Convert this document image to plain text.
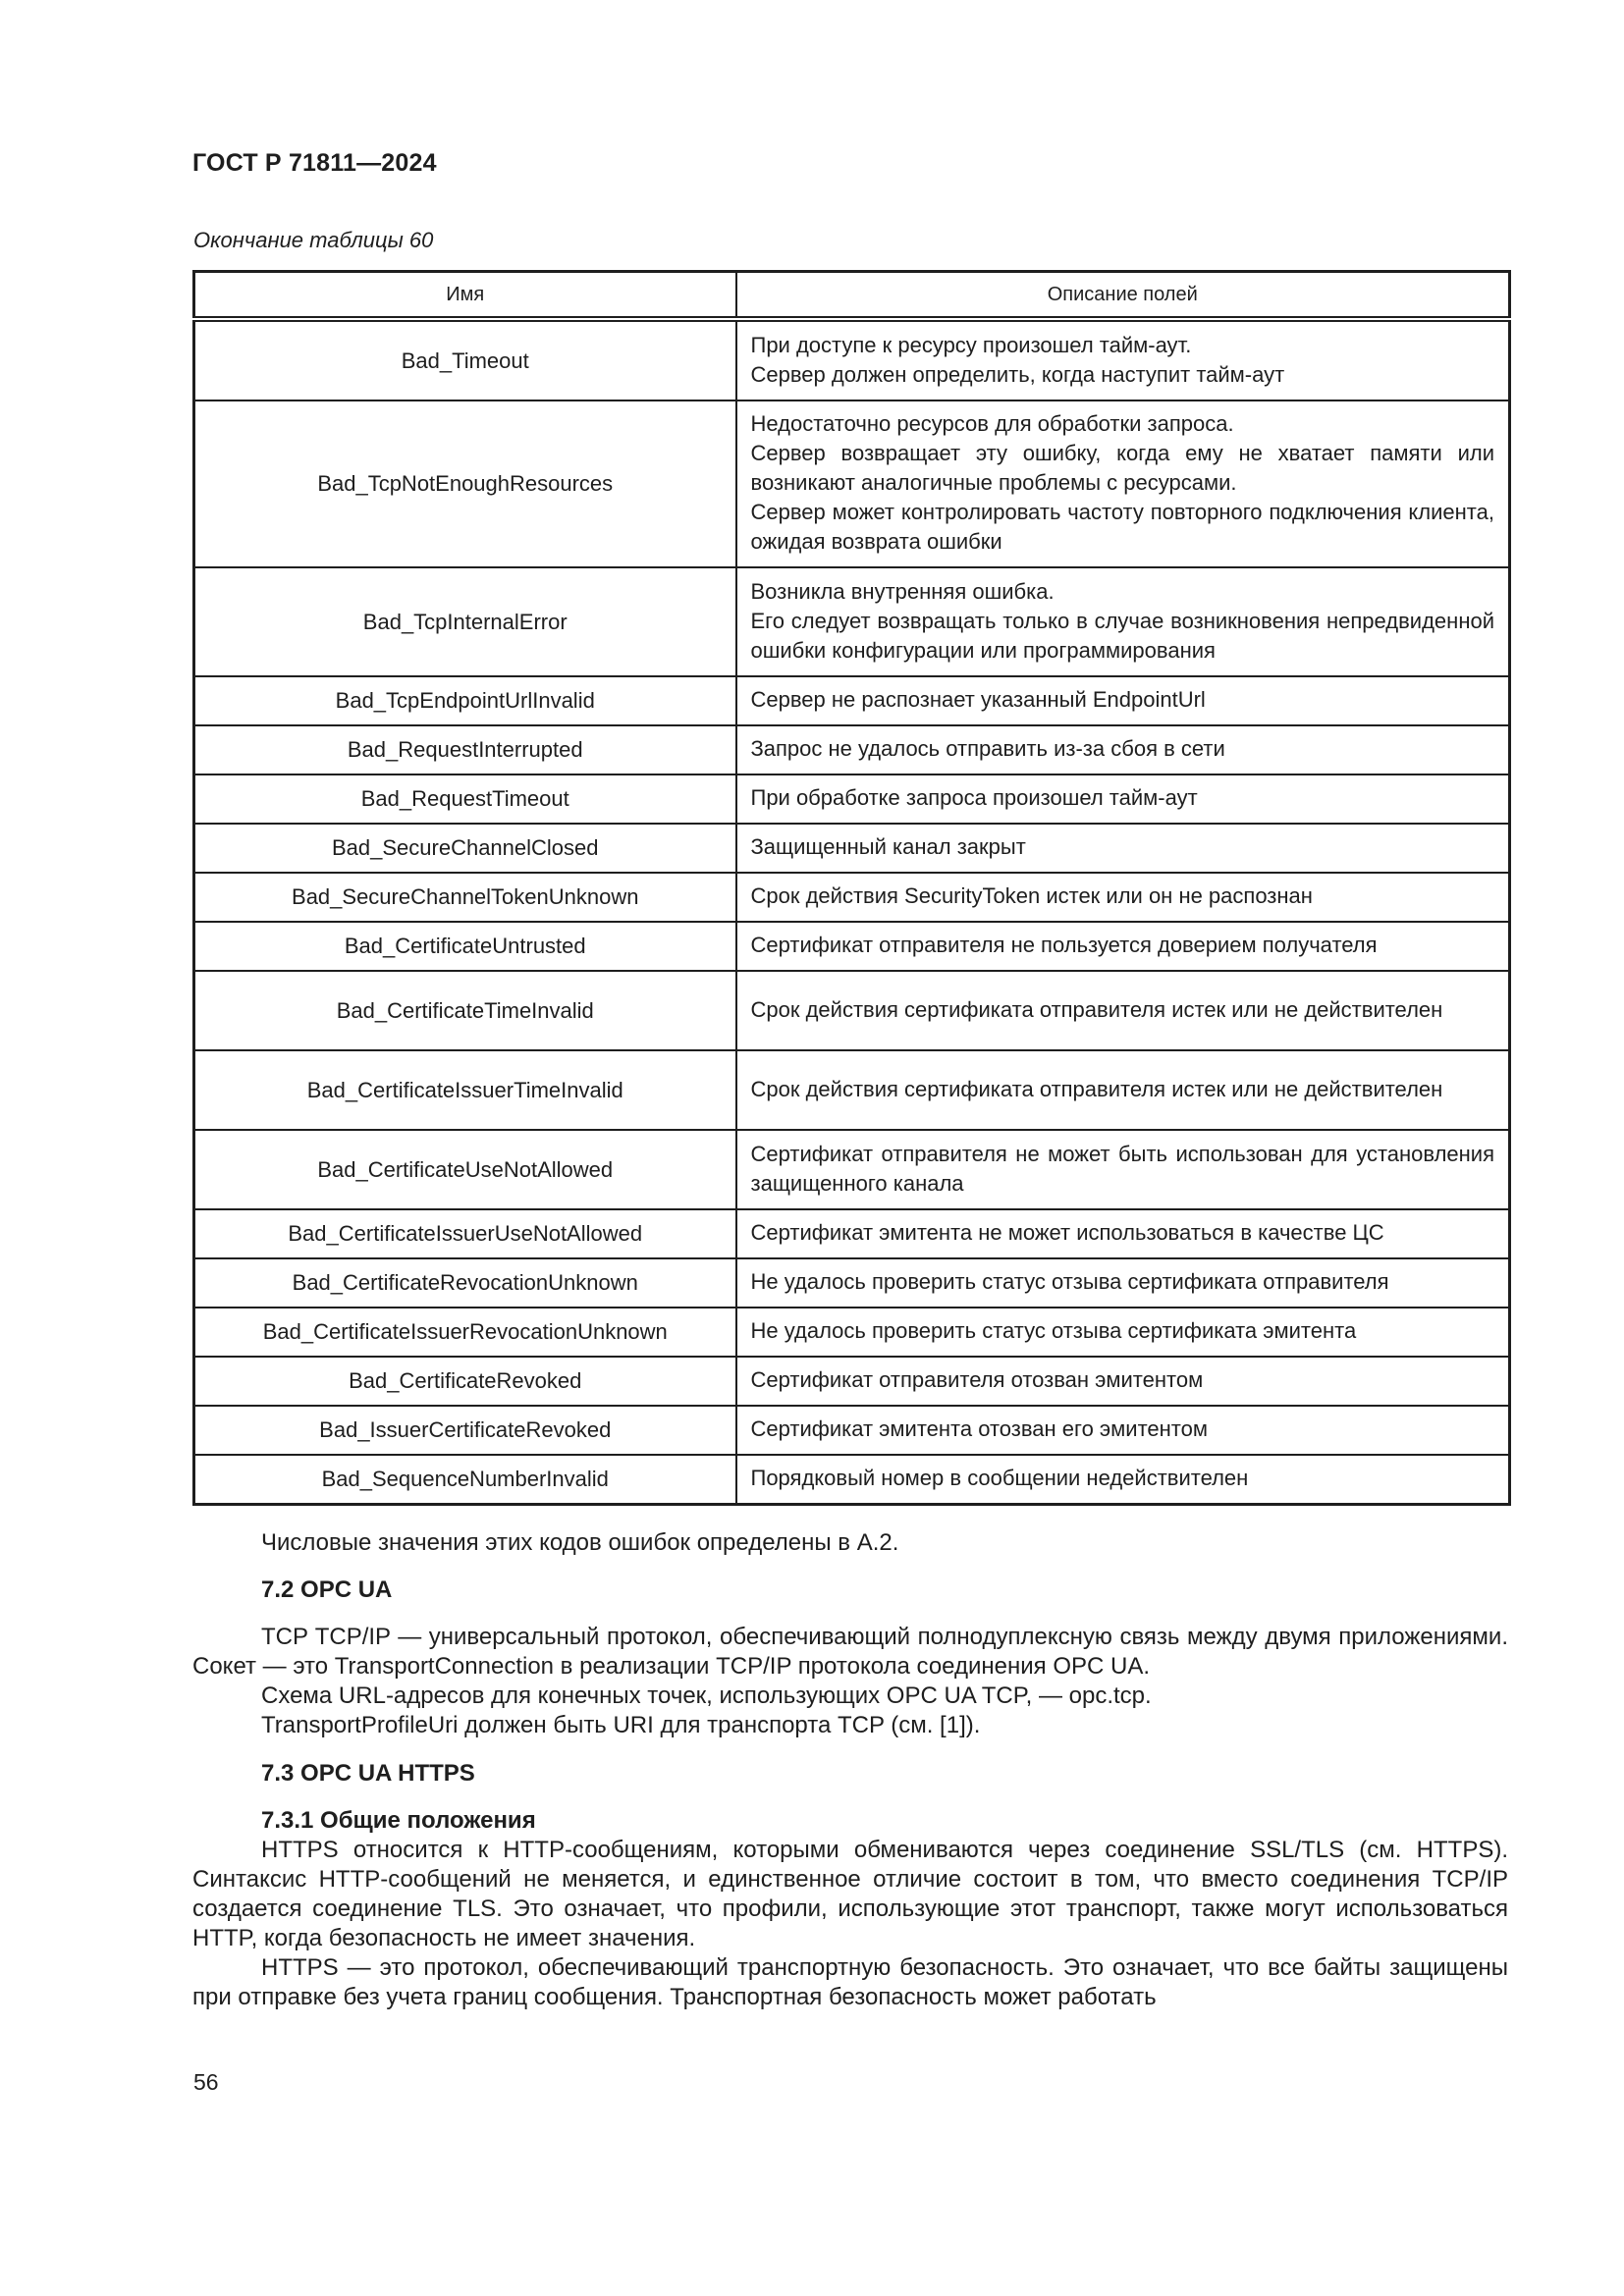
ГОСТ Р 71811—2024
Окончание таблицы 60
Имя	Описание полей
Bad_Timeout	При доступе к ресурсу произошел тайм-аут.
Сервер должен определить, когда наступит тайм-аут

Bad_TcpNotEnoughResources	Недостаточно ресурсов для обработки запроса.
Сервер возвращает эту ошибку, когда ему не хватает памяти или возникают аналогичные проблемы с ресурсами.
Сервер может контролировать частоту повторного подключения клиента, ожидая возврата ошибки

Bad_TcpInternalError	Возникла внутренняя ошибка.
Его следует возвращать только в случае возникновения непредвиденной ошибки конфигурации или программирования

Bad_TcpEndpointUrlInvalid	Сервер не распознает указанный EndpointUrl
Bad_RequestInterrupted	Запрос не удалось отправить из-за сбоя в сети
Bad_RequestTimeout	При обработке запроса произошел тайм-аут
Bad_SecureChannelClosed	Защищенный канал закрыт
Bad_SecureChannelTokenUnknown	Срок действия SecurityToken истек или он не распознан
Bad_CertificateUntrusted	Сертификат отправителя не пользуется доверием получателя
Bad_CertificateTimeInvalid	Срок действия сертификата отправителя истек или не действителен
Bad_CertificateIssuerTimeInvalid	Срок действия сертификата отправителя истек или не действителен
Bad_CertificateUseNotAllowed	Сертификат отправителя не может быть использован для установления защищенного канала
Bad_CertificateIssuerUseNotAllowed	Сертификат эмитента не может использоваться в качестве ЦС
Bad_CertificateRevocationUnknown	Не удалось проверить статус отзыва сертификата отправителя
Bad_CertificateIssuerRevocationUnknown	Не удалось проверить статус отзыва сертификата эмитента
Bad_CertificateRevoked	Сертификат отправителя отозван эмитентом
Bad_IssuerCertificateRevoked	Сертификат эмитента отозван его эмитентом
Bad_SequenceNumberInvalid	Порядковый номер в сообщении недействителен

Числовые значения этих кодов ошибок определены в А.2.

7.2 OPC UA

TCP TCP/IP — универсальный протокол, обеспечивающий полнодуплексную связь между двумя приложениями. Сокет — это TransportConnection в реализации TCP/IP протокола соединения OPC UA.

Схема URL-адресов для конечных точек, использующих OPC UA TCP, — opc.tcp.

TransportProfileUri должен быть URI для транспорта TCP (см. [1]).

7.3 OPC UA HTTPS

7.3.1 Общие положения

HTTPS относится к HTTP-сообщениям, которыми обмениваются через соединение SSL/TLS (см. HTTPS). Синтаксис HTTP-сообщений не меняется, и единственное отличие состоит в том, что вместо соединения TCP/IP создается соединение TLS. Это означает, что профили, использующие этот транспорт, также могут использоваться HTTP, когда безопасность не имеет значения.

HTTPS — это протокол, обеспечивающий транспортную безопасность. Это означает, что все байты защищены при отправке без учета границ сообщения. Транспортная безопасность может работать

56
